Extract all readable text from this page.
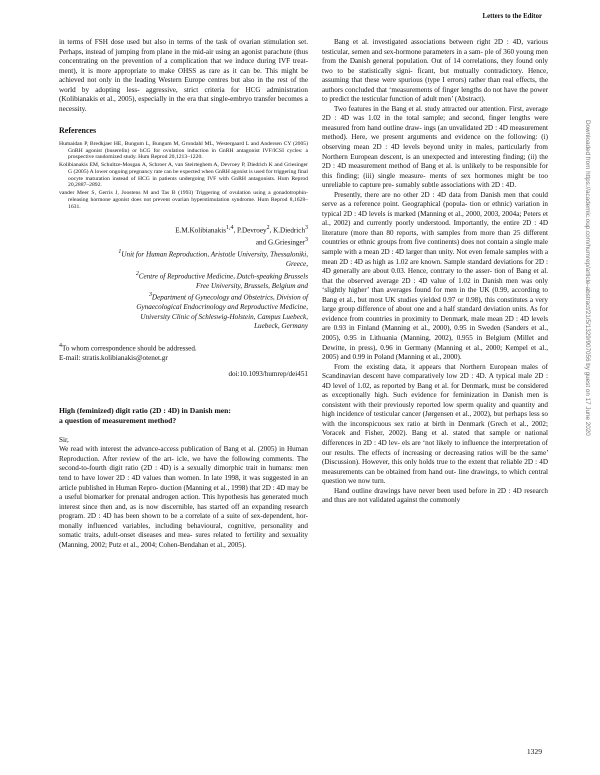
Letters to the Editor

in terms of FSH dose used but also in terms of the task of ovarian stimulation set. Perhaps, instead of jumping from plane in the mid-air using an agonist parachute (thus concentrating on the prevention of a complication that we induce during IVF treat- ment), it is more appropriate to make OHSS as rare as it can be. This might be achieved not only in the leading Western Europe centres but also in the rest of the world by adopting less- aggressive, strict criteria for HCG administration (Kolibianakis et al., 2005), especially in the era that single-embryo transfer becomes a necessity.

References

Humaidan P, Bredkjaer HE, Bungum L, Bungum M, Grondahl ML, Westergaard L and Andersen CY (2005) GnRH agonist (buserelin) or hCG for ovulation induction in GnRH antagonist IVF/ICSI cycles: a prospective randomized study. Hum Reprod 20,1213–1220.

Kolibianakis EM, Schultze-Mosgau A, Schroer A, van Steirteghem A, Devroey P, Diedrich K and Griesinger G (2005) A lower ongoing pregnancy rate can be expected when GnRH agonist is used for triggering final oocyte maturation instead of HCG in patients undergoing IVF with GnRH antagonists. Hum Reprod 20,2887–2892.

vander Meer S, Gerris J, Joostens M and Tas B (1993) Triggering of ovulation using a gonadotrophin-releasing hormone agonist does not prevent ovarian hyperstimulation syndrome. Hum Reprod 8,1628–1631.

E.M.Kolibianakis$^{1,4}$, P.Devroey$^2$, K.Diedrich$^3$
and G.Griesinger$^3$

$^1$Unit for Human Reproduction, Aristotle University, Thessaloniki,
Greece,

$^2$Centre of Reproductive Medicine, Dutch-speaking Brussels
Free University, Brussels, Belgium and

$^3$Department of Gynecology and Obstetrics, Division of
Gynaecological Endocrinology and Reproductive Medicine,
University Clinic of Schleswig-Holstein, Campus Luebeck,
Luebeck, Germany

$^4$To whom correspondence should be addressed.
E-mail: stratis.kolibianakis@otenet.gr

doi:10.1093/humrep/dei451

High (feminized) digit ratio (2D : 4D) in Danish men:
a question of measurement method?

Sir,

We read with interest the advance-access publication of Bang et al. (2005) in Human Reproduction. After review of the art- icle, we have the following comments. The second-to-fourth digit ratio (2D : 4D) is a sexually dimorphic trait in humans: men tend to have lower 2D : 4D values than women. In late 1998, it was suggested in an article published in Human Repro- duction (Manning et al., 1998) that 2D : 4D may be a useful biomarker for prenatal androgen action. This hypothesis has generated much interest since then and, as is now discernible, has started off an expanding research program. 2D : 4D has been shown to be a correlate of a suite of sex-dependent, hor- monally influenced variables, including behavioural, cognitive, personality and somatic traits, adult-onset diseases and mea- sures related to fertility and sexuality (Manning, 2002; Putz et al., 2004; Cohen-Bendahan et al., 2005).

Bang et al. investigated associations between right 2D : 4D, various testicular, semen and sex-hormone parameters in a sam- ple of 360 young men from the Danish general population. Out of 14 correlations, they found only two to be statistically signi- ficant, but mutually contradictory. Hence, assuming that these were spurious (type I errors) rather than real effects, the authors concluded that ‘measurements of finger lengths do not have the power to predict the testicular function of adult men’ (Abstract).

Two features in the Bang et al. study attracted our attention. First, average 2D : 4D was 1.02 in the total sample; and second, finger lengths were measured from hand outline draw- ings (an unvalidated 2D : 4D measurement method). Here, we present arguments and evidence on the following: (i) observing mean 2D : 4D levels beyond unity in males, particularly from Northern European descent, is an unexpected and interesting finding; (ii) the 2D : 4D measurement method of Bang et al. is unlikely to be responsible for this finding; (iii) single measure- ments of sex hormones might be too unreliable to capture pre- sumably subtle associations with 2D : 4D.

Presently, there are no other 2D : 4D data from Danish men that could serve as a reference point. Geographical (popula- tion or ethnic) variation in typical 2D : 4D levels is marked (Manning et al., 2000, 2003, 2004a; Peters et al., 2002) and currently poorly understood. Importantly, the entire 2D : 4D literature (more than 80 reports, with samples from more than 25 different countries or ethnic groups from five continents) does not contain a single male sample with a mean 2D : 4D larger than unity. Not even female samples with a mean 2D : 4D as high as 1.02 are known. Sample standard deviations for 2D : 4D generally are about 0.03. Hence, contrary to the asser- tion of Bang et al. that the observed average 2D : 4D value of 1.02 in Danish men was only ‘slightly higher’ than averages found for men in the UK (0.99, according to Bang et al., but most UK studies yielded 0.97 or 0.98), this constitutes a very large group difference of about one and a half standard deviation units. As for evidence from countries in proximity to Denmark, male mean 2D : 4D levels are 0.93 in Finland (Manning et al., 2000), 0.95 in Sweden (Sanders et al., 2005), 0.95 in Lithuania (Manning, 2002), 0.955 in Belgium (Millet and Dewitte, in press), 0.96 in Germany (Manning et al., 2000; Kempel et al., 2005) and 0.99 in Poland (Manning et al., 2000).

From the existing data, it appears that Northern European males of Scandinavian descent have comparatively low 2D : 4D. A typical male 2D : 4D level of 1.02, as reported by Bang et al. for Denmark, must be considered as exceptionally high. Such evidence for feminization in Danish men is consistent with their previously reported low sperm quality and quantity and high incidence of testicular cancer (Jørgensen et al., 2002), but perhaps less so with the inconspicuous sex ratio at birth in Denmark (Grech et al., 2002; Voracek and Fisher, 2002). Bang et al. stated that sample or national differences in 2D : 4D lev- els are ‘not likely to influence the interpretation of our results. The effects of increasing or decreasing ratios will be the same’ (Discussion). However, this only holds true to the extent that reliable 2D : 4D measurements can be obtained from hand out- line drawings, to which central question we now turn.

Hand outline drawings have never been used before in 2D : 4D research and thus are not validated against the commonly

1329
Downloaded from https://academic.oup.com/humrep/article-abstract/21/5/1329/907056 by guest on 17 June 2020
